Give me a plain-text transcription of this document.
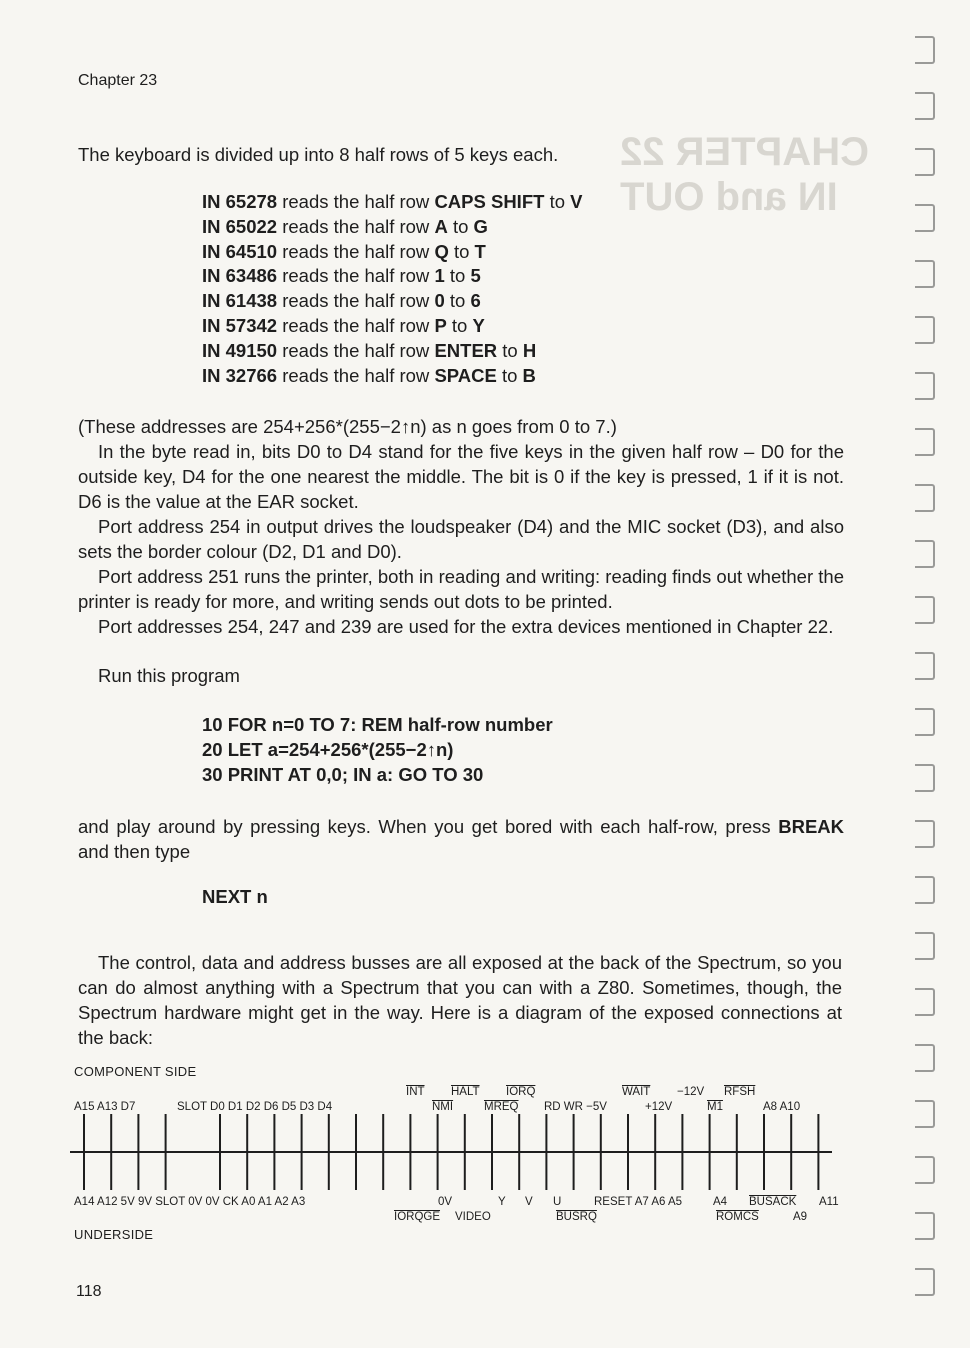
CHAPTER 22
IN and OUT
Chapter 23

The keyboard is divided up into 8 half rows of 5 keys each.

IN 65278 reads the half row CAPS SHIFT to V
IN 65022 reads the half row A to G
IN 64510 reads the half row Q to T
IN 63486 reads the half row 1 to 5
IN 61438 reads the half row 0 to 6
IN 57342 reads the half row P to Y
IN 49150 reads the half row ENTER to H
IN 32766 reads the half row SPACE to B

(These addresses are 254+256*(255−2↑n) as n goes from 0 to 7.)

In the byte read in, bits D0 to D4 stand for the five keys in the given half row – D0 for the outside key, D4 for the one nearest the middle. The bit is 0 if the key is pressed, 1 if it is not. D6 is the value at the EAR socket.

Port address 254 in output drives the loudspeaker (D4) and the MIC socket (D3), and also sets the border colour (D2, D1 and D0).

Port address 251 runs the printer, both in reading and writing: reading finds out whether the printer is ready for more, and writing sends out dots to be printed.

Port addresses 254, 247 and 239 are used for the extra devices mentioned in Chapter 22.

Run this program

10 FOR n=0 TO 7: REM half-row number
20 LET a=254+256*(255−2↑n)
30 PRINT AT 0,0; IN a: GO TO 30

and play around by pressing keys. When you get bored with each half-row, press BREAK and then type

NEXT n

The control, data and address busses are all exposed at the back of the Spectrum, so you can do almost anything with a Spectrum that you can with a Z80. Sometimes, though, the Spectrum hardware might get in the way. Here is a diagram of the exposed connections at the back:

COMPONENT SIDE
$\overline{INT}$ HALT IORQ	WAIT −12V RFSH
A15 A13 D7	SLOT D0 D1 D2 D6 D5 D3 D4	$\overline{NMI}$	MREQ RD WR −5V	+12V	M1	A8 A10
A14 A12 5V 9V SLOT 0V 0V CK A0 A1 A2 A3	0V	Y V U	RESET A7 A6 A5	A4 BUSACK A11
IORQGE VIDEO	BUSRQ	ROMCS	A9
UNDERSIDE
118
